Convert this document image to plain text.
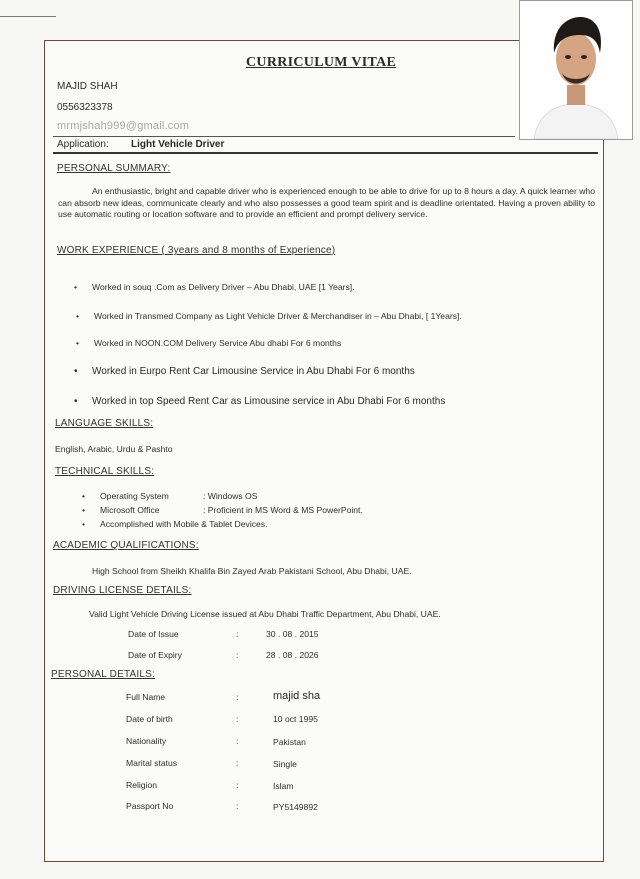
CURRICULUM VITAE
MAJID SHAH
0556323378
mrmjshah999@gmail.com
Application: Light Vehicle Driver
PERSONAL SUMMARY:
An enthusiastic, bright and capable driver who is experienced enough to be able to drive for up to 8 hours a day. A quick learner who can absorb new ideas, communicate clearly and who also possesses a good team spirit and is deadline orientated. Having a proven ability to use automatic routing or location software and to provide an efficient and prompt delivery service.
WORK EXPERIENCE ( 3years and 8 months of Experience)
• Worked in souq .Com as Delivery Driver – Abu Dhabi, UAE [1 Years].
• Worked in Transmed Company as Light Vehicle Driver & Merchandiser in – Abu Dhabi, [ 1Years].
• Worked in NOON.COM Delivery Service Abu dhabi For 6 months
• Worked in Eurpo Rent Car Limousine Service in Abu Dhabi For 6 months
• Worked in top Speed Rent Car as Limousine service in Abu Dhabi For 6 months
LANGUAGE SKILLS:
English, Arabic, Urdu & Pashto
TECHNICAL SKILLS:
• Operating System	: Windows OS
• Microsoft Office	: Proficient in MS Word & MS PowerPoint.
• Accomplished with Mobile & Tablet Devices.
ACADEMIC QUALIFICATIONS:
High School from Sheikh Khalifa Bin Zayed Arab Pakistani School, Abu Dhabi, UAE.
DRIVING LICENSE DETAILS:
Valid Light Vehicle Driving License issued at Abu Dhabi Traffic Department, Abu Dhabi, UAE.
Date of Issue	:	30 . 08 . 2015
Date of Expiry	:	28 . 08 . 2026
PERSONAL DETAILS:
Full Name	:	majid sha
Date of birth	:	10 oct 1995
Nationality	:	Pakistan
Marital status	:	Single
Religion	:	Islam
Passport No	:	PY5149892
